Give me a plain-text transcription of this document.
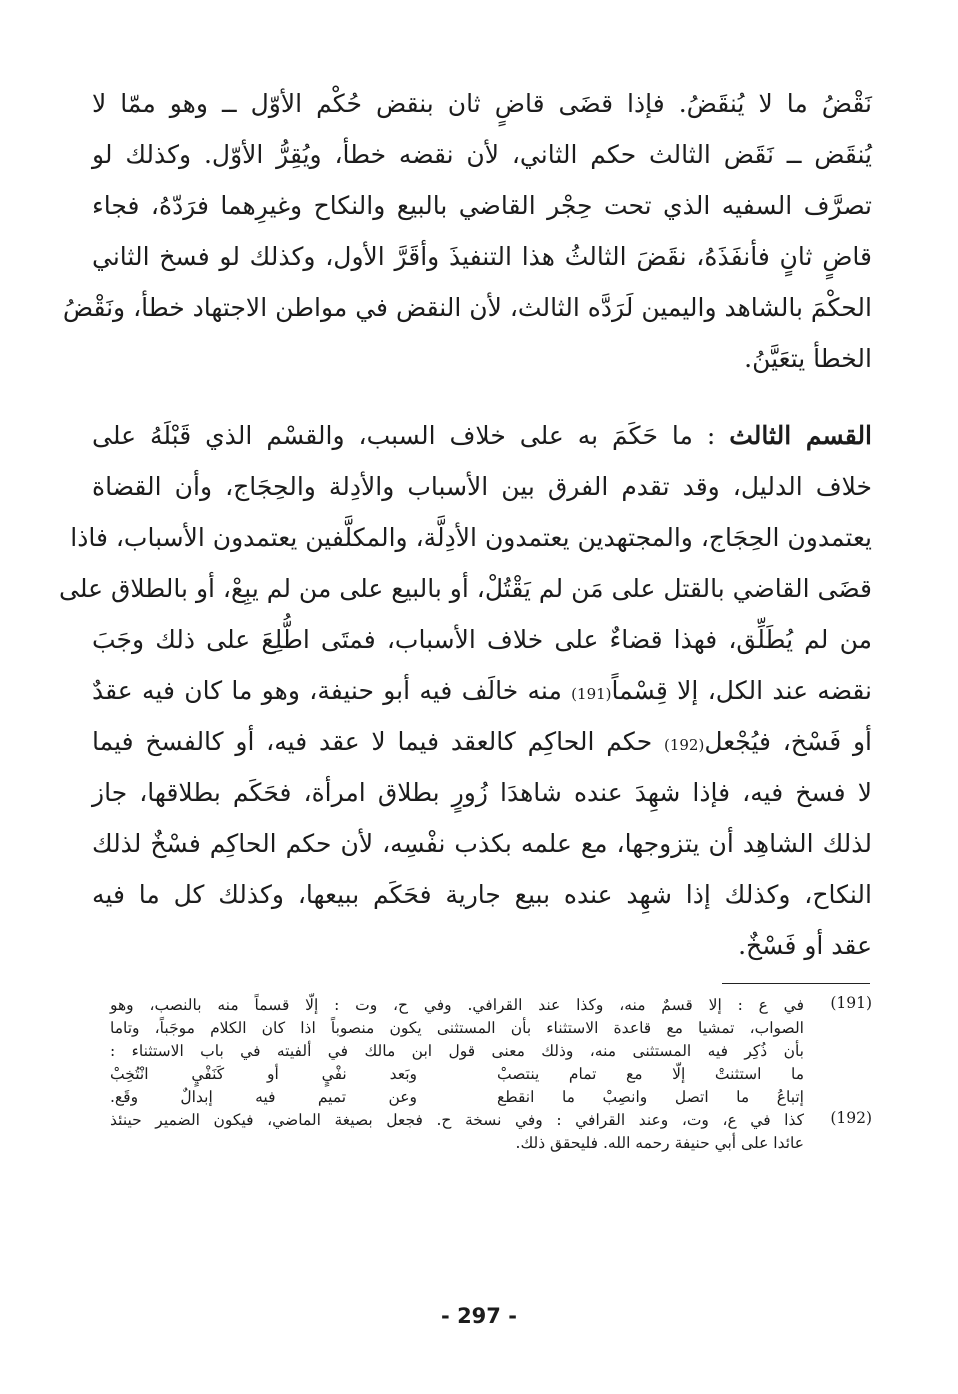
نَقْضُ ما لا يُنقَضُ. فإذا قضَى قاضٍ ثان بنقض حُكْم الأوّل ــ وهو ممّا لا
يُنقَض ــ نَقَض الثالث حكم الثاني، لأن نقضه خطأ، ويُقِرُّ الأوّل. وكذلك لو
تصرَّف السفيه الذي تحت حِجْر القاضي بالبيع والنكاح وغيرِهما فرَدّهُ، فجاء
قاضٍ ثانٍ فأنفَذَهُ، نقَضَ الثالثُ هذا التنفيذَ وأقَرَّ الأول، وكذلك لو فسخ الثاني
الحكْمَ بالشاهد واليمين لَرَدَّه الثالث، لأن النقض في مواطن الاجتهاد خطأ، ونَقْضُ
الخطأ يتعَيَّنُ.
القسم الثالث : ما حَكَمَ به على خلاف السبب، والقسْم الذي قَبْلَهُ على
خلاف الدليل، وقد تقدم الفرق بين الأسباب والأدِلة والحِجَاج، وأن القضاة
يعتمدون الحِجَاج، والمجتهدين يعتمدون الأدِلَّة، والمكلَّفين يعتمدون الأسباب، فاذا
قضَى القاضي بالقتل على مَن لم يَقْتُلْ، أو بالبيع على من لم يبِعْ، أو بالطلاق على
من لم يُطَلِّق، فهذا قضاءٌ على خلاف الأسباب، فمتَى اطُّلِعَ على ذلك وجَبَ
نقضه عند الكل، إلا قِسْماً(191) منه خالَف فيه أبو حنيفة، وهو ما كان فيه عقدٌ
أو فَسْخ، فيُجْعل(192) حكم الحاكِم كالعقد فيما لا عقد فيه، أو كالفسخ فيما
لا فسخ فيه، فإذا شهِدَ عنده شاهدَا زُورٍ بطلاق امرأة، فحَكَم بطلاقها، جاز
لذلك الشاهِد أن يتزوجها، مع علمه بكذب نفْسِه، لأن حكم الحاكِم فسْخٌ لذلك
النكاح، وكذلك إذا شهِد عنده ببيع جارية فحَكَم ببيعها، وكذلك كل ما فيه
عقد أو فَسْخٌ.
(191)
في ع : إلا قسمٌ منه، وكذا عند القرافي. وفي ح، وت : إلّا قسماً منه بالنصب، وهو
الصواب، تمشيا مع قاعدة الاستثناء بأن المستثنى يكون منصوباً اذا كان الكلام موجَباً، وتاما
بأن ذُكِر فيه المستثنى منه، وذلك معنى قول ابن مالك في ألفيته في باب الاستثناء :
ما استثنتْ إلّا مع تمام ينتصبْ
وبَعد نفْيٍ أو كَنَفْيٍ انْتُخِبْ
إتباعُ ما اتصل وانصِبْ ما انقطع
وعن تميم فيه إبدالٌ وقَع.
(192)
كذا في ع، وت، وعند القرافي : وفي نسخة ح. فجعل بصيغة الماضي، فيكون الضمير حينئذ
عائدا على أبي حنيفة رحمه الله. فليحقق ذلك.
- 297 -
